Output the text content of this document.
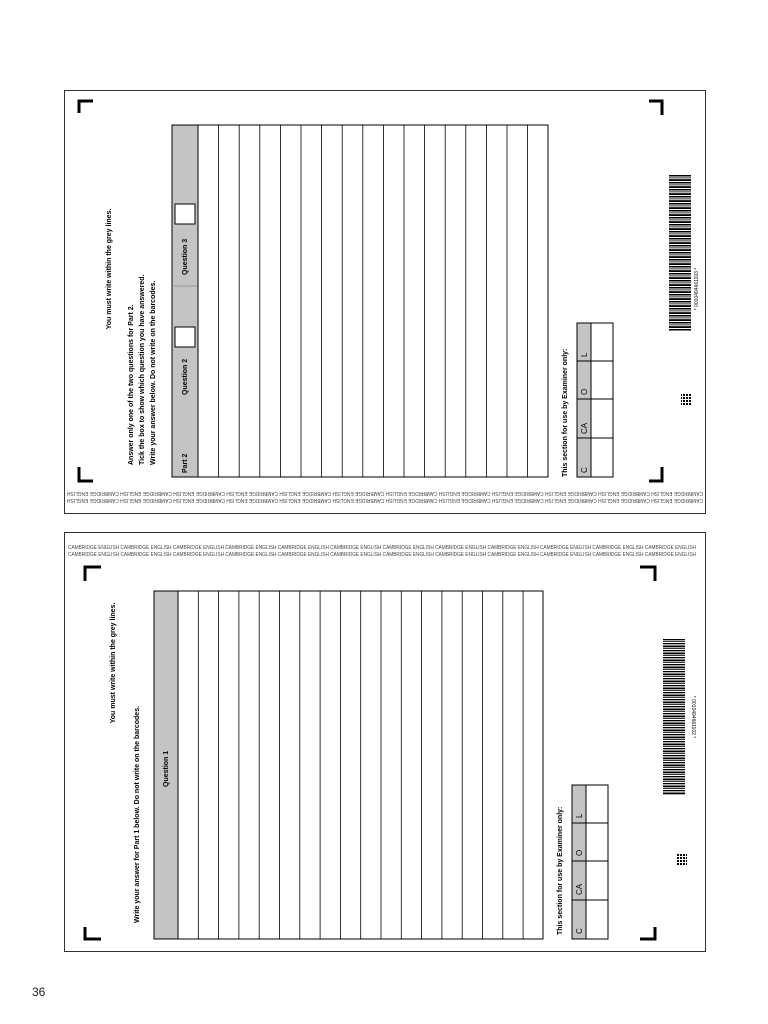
You must write within the grey lines.
Answer only one of the two questions for Part 2. Tick the box to show which question you have answered. Write your answer below. Do not write on the barcodes.	Part 2
Question 2
Question 3
This section for use by Examiner only: C
CA
O
L
* 0010494661103 *
CAMBRIDGE ENGLISH CAMBRIDGE ENGLISH CAMBRIDGE ENGLISH CAMBRIDGE ENGLISH CAMBRIDGE ENGLISH CAMBRIDGE ENGLISH CAMBRIDGE ENGLISH CAMBRIDGE ENGLISH CAMBRIDGE ENGLISH CAMBRIDGE ENGLISH CAMBRIDGE ENGLISH CAMBRIDGE ENGLISH
CAMBRIDGE ENGLISH CAMBRIDGE ENGLISH CAMBRIDGE ENGLISH CAMBRIDGE ENGLISH CAMBRIDGE ENGLISH CAMBRIDGE ENGLISH CAMBRIDGE ENGLISH CAMBRIDGE ENGLISH CAMBRIDGE ENGLISH CAMBRIDGE ENGLISH CAMBRIDGE ENGLISH CAMBRIDGE ENGLISH
CAMBRIDGE ENGLISH CAMBRIDGE ENGLISH CAMBRIDGE ENGLISH CAMBRIDGE ENGLISH CAMBRIDGE ENGLISH CAMBRIDGE ENGLISH CAMBRIDGE ENGLISH CAMBRIDGE ENGLISH CAMBRIDGE ENGLISH CAMBRIDGE ENGLISH CAMBRIDGE ENGLISH CAMBRIDGE ENGLISH
CAMBRIDGE ENGLISH CAMBRIDGE ENGLISH CAMBRIDGE ENGLISH CAMBRIDGE ENGLISH CAMBRIDGE ENGLISH CAMBRIDGE ENGLISH CAMBRIDGE ENGLISH CAMBRIDGE ENGLISH CAMBRIDGE ENGLISH CAMBRIDGE ENGLISH CAMBRIDGE ENGLISH CAMBRIDGE ENGLISH
You must write within the grey lines.
Write your answer for Part 1 below. Do not write on the barcodes.	Question 1
This section for use by Examiner only: C
CA
O
L
* 0010494661102 *
36
